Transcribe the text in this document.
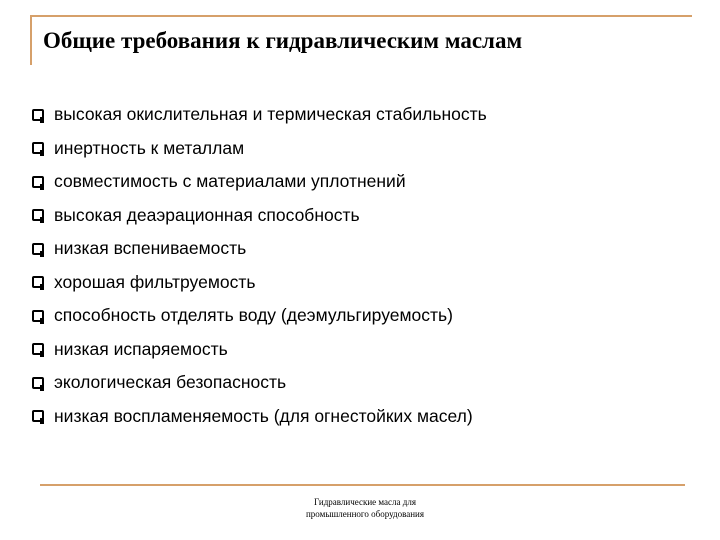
Общие требования к гидравлическим маслам
высокая окислительная и термическая стабильность
инертность к металлам
совместимость с материалами уплотнений
высокая деаэрационная способность
низкая вспениваемость
хорошая фильтруемость
способность отделять воду (деэмульгируемость)
низкая испаряемость
экологическая безопасность
низкая воспламеняемость (для огнестойких масел)
Гидравлические масла для
промышленного оборудования
